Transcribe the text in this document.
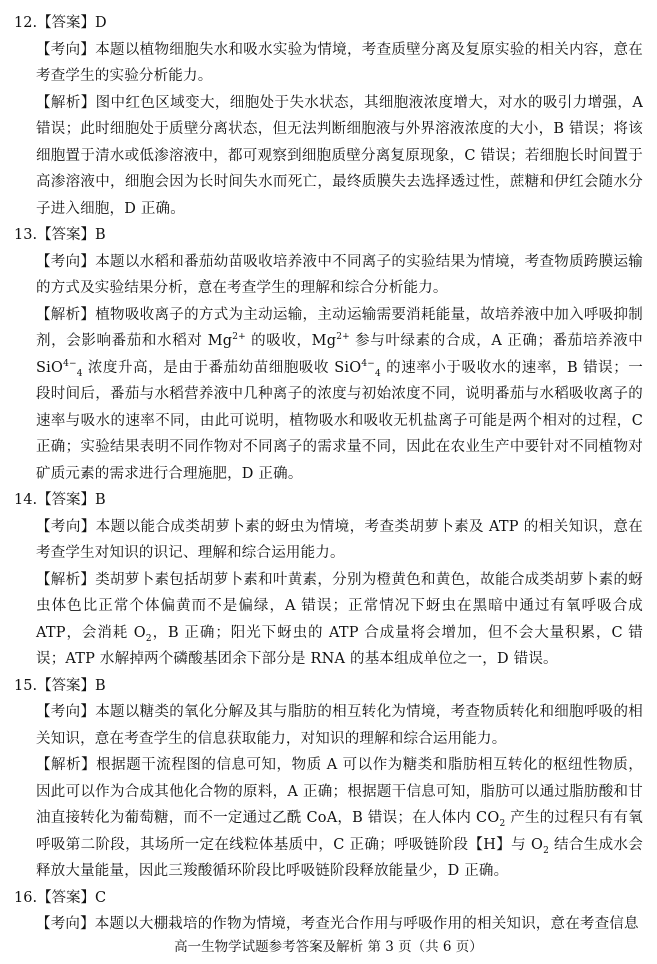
12.【答案】D
【考向】本题以植物细胞失水和吸水实验为情境，考查质壁分离及复原实验的相关内容，意在考查学生的实验分析能力。
【解析】图中红色区域变大，细胞处于失水状态，其细胞液浓度增大，对水的吸引力增强，A 错误；此时细胞处于质壁分离状态，但无法判断细胞液与外界溶液浓度的大小，B 错误；将该细胞置于清水或低渗溶液中，都可观察到细胞质壁分离复原现象，C 错误；若细胞长时间置于高渗溶液中，细胞会因为长时间失水而死亡，最终质膜失去选择透过性，蔗糖和伊红会随水分子进入细胞，D 正确。
13.【答案】B
【考向】本题以水稻和番茄幼苗吸收培养液中不同离子的实验结果为情境，考查物质跨膜运输的方式及实验结果分析，意在考查学生的理解和综合分析能力。
【解析】植物吸收离子的方式为主动运输，主动运输需要消耗能量，故培养液中加入呼吸抑制剂，会影响番茄和水稻对 $Mg^{2+}$ 的吸收，$Mg^{2+}$ 参与叶绿素的合成，A 正确；番茄培养液中 SiO$^{4-}_4$ 浓度升高，是由于番茄幼苗细胞吸收 SiO$^{4-}_4$ 的速率小于吸收水的速率，B 错误；一段时间后，番茄与水稻营养液中几种离子的浓度与初始浓度不同，说明番茄与水稻吸收离子的速率与吸水的速率不同，由此可说明，植物吸水和吸收无机盐离子可能是两个相对的过程，C 正确；实验结果表明不同作物对不同离子的需求量不同，因此在农业生产中要针对不同植物对矿质元素的需求进行合理施肥，D 正确。
14.【答案】B
【考向】本题以能合成类胡萝卜素的蚜虫为情境，考查类胡萝卜素及 ATP 的相关知识，意在考查学生对知识的识记、理解和综合运用能力。
【解析】类胡萝卜素包括胡萝卜素和叶黄素，分别为橙黄色和黄色，故能合成类胡萝卜素的蚜虫体色比正常个体偏黄而不是偏绿，A 错误；正常情况下蚜虫在黑暗中通过有氧呼吸合成 ATP，会消耗 $O_2$，B 正确；阳光下蚜虫的 ATP 合成量将会增加，但不会大量积累，C 错误；ATP 水解掉两个磷酸基团余下部分是 RNA 的基本组成单位之一，D 错误。
15.【答案】B
【考向】本题以糖类的氧化分解及其与脂肪的相互转化为情境，考查物质转化和细胞呼吸的相关知识，意在考查学生的信息获取能力，对知识的理解和综合运用能力。
【解析】根据题干流程图的信息可知，物质 A 可以作为糖类和脂肪相互转化的枢纽性物质，因此可以作为合成其他化合物的原料，A 正确；根据题干信息可知，脂肪可以通过脂肪酸和甘油直接转化为葡萄糖，而不一定通过乙酰 CoA，B 错误；在人体内 $CO_2$ 产生的过程只有有氧呼吸第二阶段，其场所一定在线粒体基质中，C 正确；呼吸链阶段【H】与 $O_2$ 结合生成水会释放大量能量，因此三羧酸循环阶段比呼吸链阶段释放能量少，D 正确。
16.【答案】C
【考向】本题以大棚栽培的作物为情境，考查光合作用与呼吸作用的相关知识，意在考查信息
高一生物学试题参考答案及解析 第 3 页（共 6 页）
